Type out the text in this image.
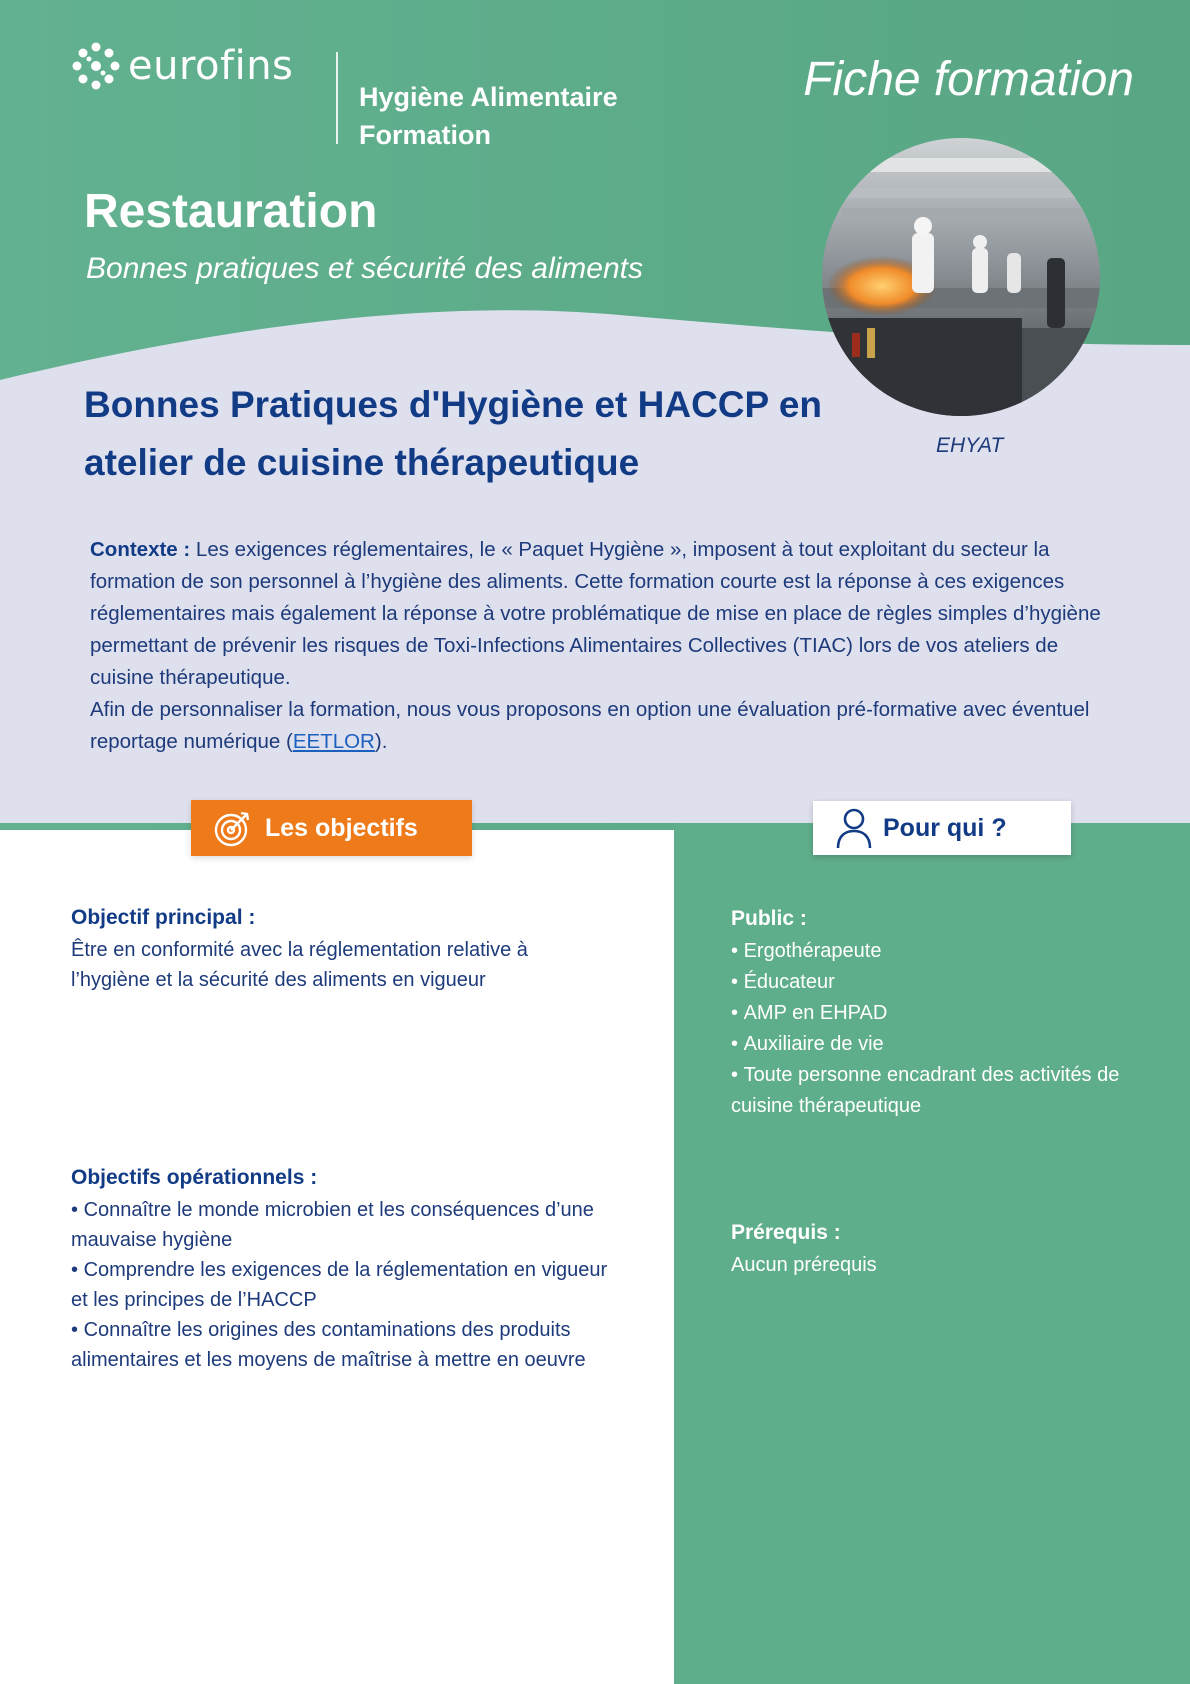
eurofins
Hygiène Alimentaire
Formation
Fiche formation
Restauration
Bonnes pratiques et sécurité des aliments
EHYAT
Bonnes Pratiques d'Hygiène et HACCP en
atelier de cuisine thérapeutique
Contexte : Les exigences réglementaires, le « Paquet Hygiène », imposent à tout exploitant du secteur la formation de son personnel à l’hygiène des aliments. Cette formation courte est la réponse à ces exigences réglementaires mais également la réponse à votre problématique de mise en place de règles simples d’hygiène permettant de prévenir les risques de Toxi-Infections Alimentaires Collectives (TIAC) lors de vos ateliers de cuisine thérapeutique.
Afin de personnaliser la formation, nous vous proposons en option une évaluation pré-formative avec éventuel reportage numérique (EETLOR).
Les objectifs	Pour qui ?
Objectif principal :
Être en conformité avec la réglementation relative à l’hygiène et la sécurité des aliments en vigueur
Objectifs opérationnels :
• Connaître le monde microbien et les conséquences d’une mauvaise hygiène
• Comprendre les exigences de la réglementation en vigueur et les principes de l’HACCP
• Connaître les origines des contaminations des produits alimentaires et les moyens de maîtrise à mettre en oeuvre
Public :
• Ergothérapeute
• Éducateur
• AMP en EHPAD
• Auxiliaire de vie
• Toute personne encadrant des activités de cuisine thérapeutique
Prérequis :
Aucun prérequis
